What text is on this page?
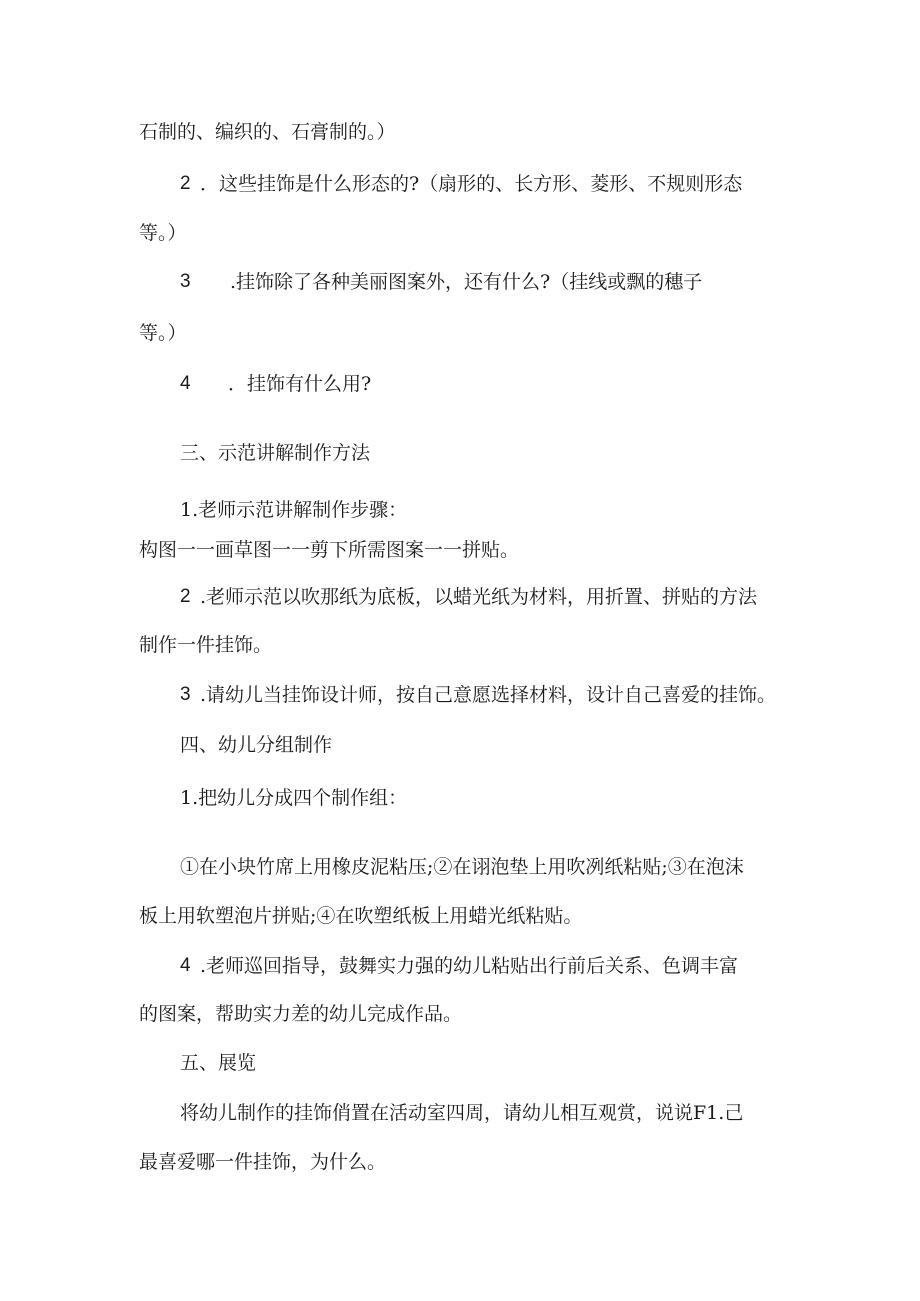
石制的、编织的、石膏制的。）
2 ．这些挂饰是什么形态的?（扇形的、长方形、菱形、不规则形态
等。）
3 .挂饰除了各种美丽图案外，还有什么?（挂线或飘的穗子
等。）
4 ．挂饰有什么用?
三、示范讲解制作方法
1.老师示范讲解制作步骤：
构图一一画草图一一剪下所需图案一一拼贴。
2 .老师示范以吹那纸为底板，以蜡光纸为材料，用折置、拼贴的方法
制作一件挂饰。
3 .请幼儿当挂饰设计师，按自己意愿选择材料，设计自己喜爱的挂饰。
四、幼儿分组制作
1.把幼儿分成四个制作组：
①在小块竹席上用橡皮泥粘压;②在诩泡垫上用吹冽纸粘贴;③在泡沫
板上用软塑泡片拼贴;④在吹塑纸板上用蜡光纸粘贴。
4 .老师巡回指导，鼓舞实力强的幼儿粘贴出行前后关系、色调丰富
的图案，帮助实力差的幼儿完成作品。
五、展览
将幼儿制作的挂饰俏置在活动室四周，请幼儿相互观赏，说说F1.己
最喜爱哪一件挂饰，为什么。
